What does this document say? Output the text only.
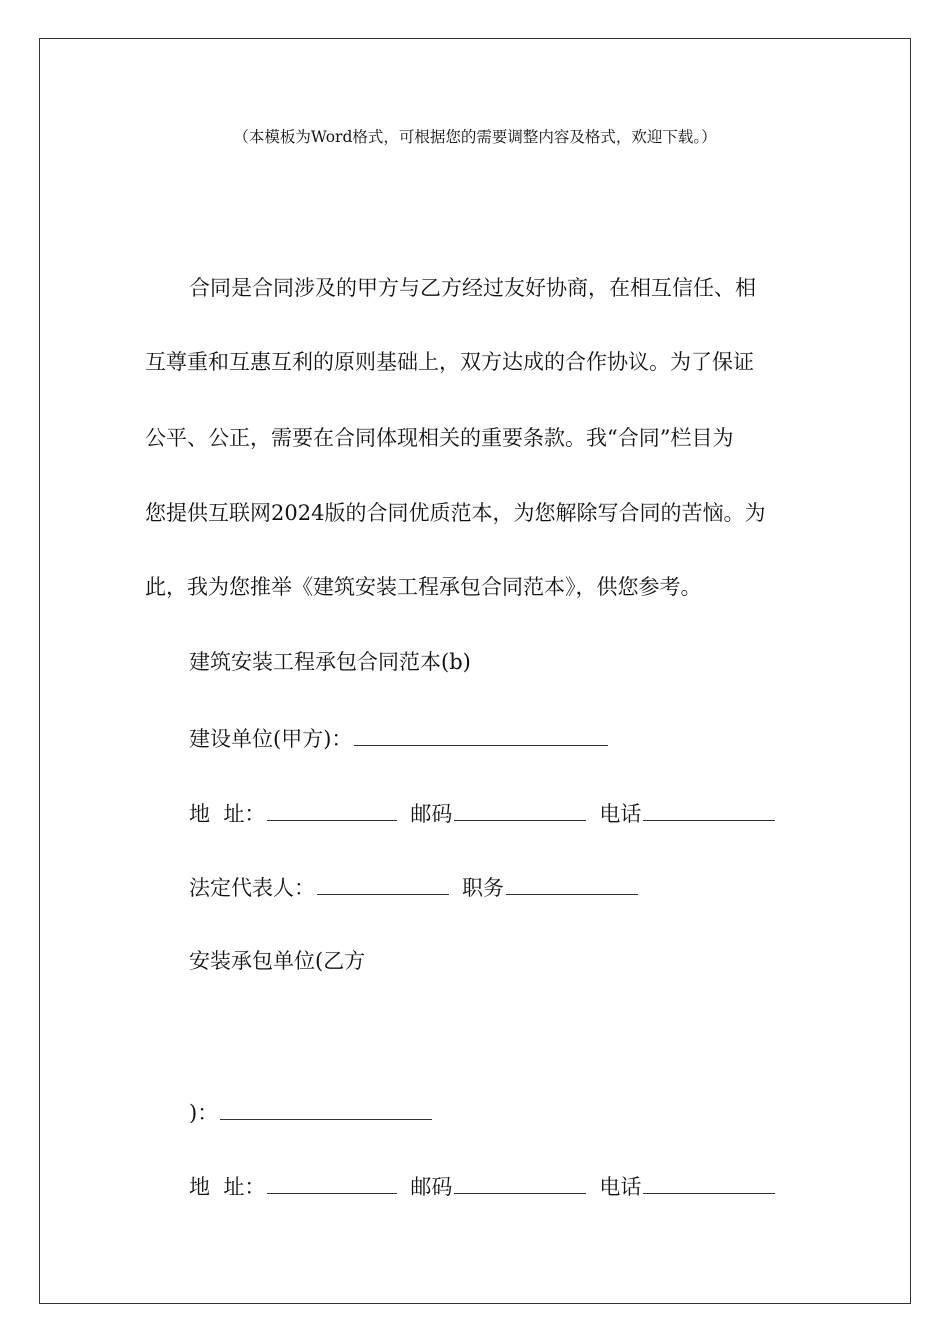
（本模板为Word格式，可根据您的需要调整内容及格式，欢迎下载。）
合同是合同涉及的甲方与乙方经过友好协商，在相互信任、相
互尊重和互惠互利的原则基础上，双方达成的合作协议。为了保证
公平、公正，需要在合同体现相关的重要条款。我“合同”栏目为
您提供互联网2024版的合同优质范本，为您解除写合同的苦恼。为
此，我为您推举《建筑安装工程承包合同范本》，供您参考。
建筑安装工程承包合同范本(b)
建设单位(甲方)：
地  址：	邮码	电话
法定代表人：	职务
安装承包单位(乙方
)：
地  址：	邮码	电话
